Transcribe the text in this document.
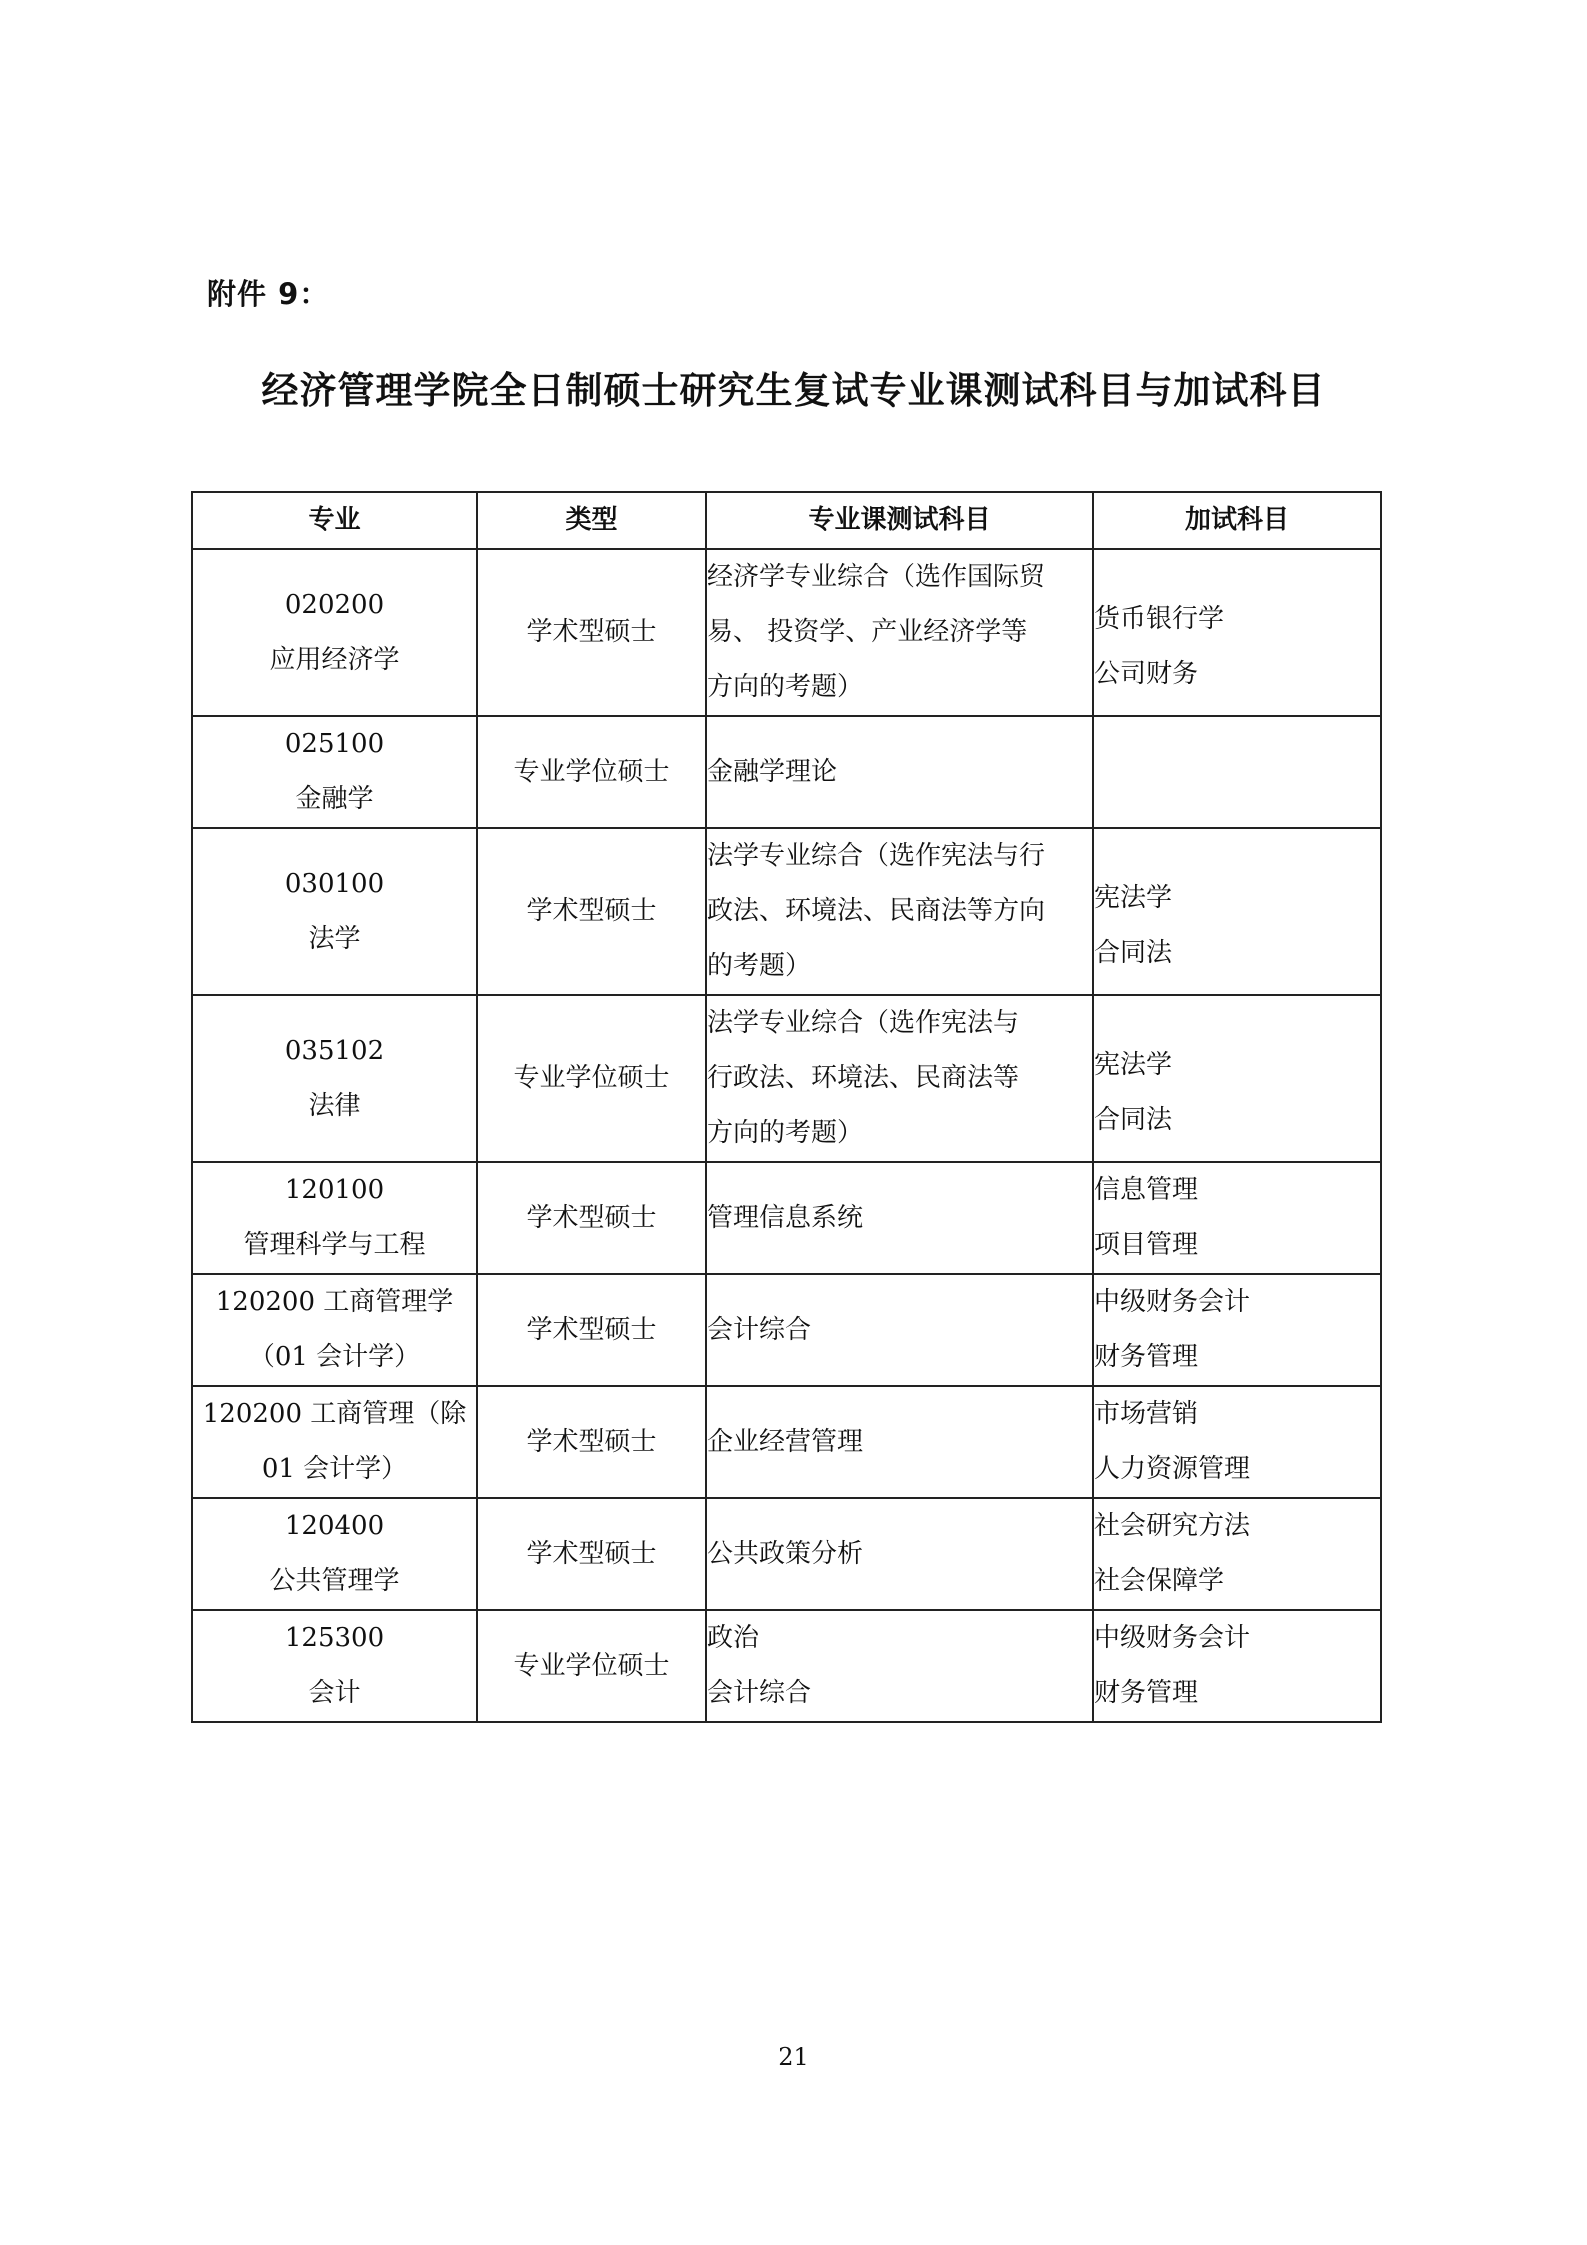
附件 9：
经济管理学院全日制硕士研究生复试专业课测试科目与加试科目
专业	类型	专业课测试科目	加试科目

020200
应用经济学	学术型硕士	经济学专业综合（选作国际贸
易、 投资学、产业经济学等
方向的考题）	货币银行学
公司财务

025100
金融学	专业学位硕士	金融学理论	

030100
法学	学术型硕士	法学专业综合（选作宪法与行
政法、环境法、民商法等方向
的考题）	宪法学
合同法

035102
法律	专业学位硕士	法学专业综合（选作宪法与
行政法、环境法、民商法等
方向的考题）	宪法学
合同法

120100
管理科学与工程	学术型硕士	管理信息系统	信息管理
项目管理

120200 工商管理学
（01 会计学）	学术型硕士	会计综合	中级财务会计
财务管理

120200 工商管理（除
01 会计学）	学术型硕士	企业经营管理	市场营销
人力资源管理

120400
公共管理学	学术型硕士	公共政策分析	社会研究方法
社会保障学

125300
会计	专业学位硕士	政治
会计综合	中级财务会计
财务管理
21
